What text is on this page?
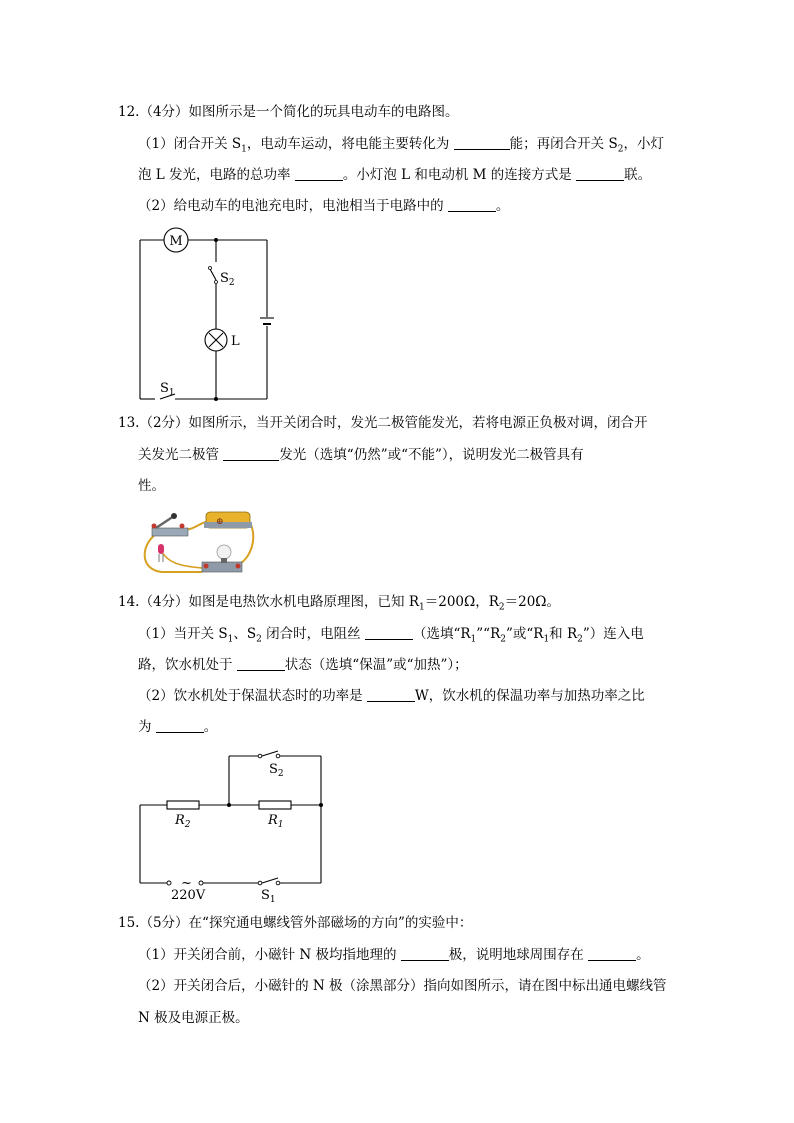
12.（4分）如图所示是一个简化的玩具电动车的电路图。
（1）闭合开关 $S_1$，电动车运动，将电能主要转化为	能；再闭合开关 $S_2$，小灯
泡 L 发光，电路的总功率	。小灯泡 L 和电动机 M 的连接方式是	联。
（2）给电动车的电池充电时，电池相当于电路中的	。
M
$S_2$
L
$S_1$
13.（2分）如图所示，当开关闭合时，发光二极管能发光，若将电源正负极对调，闭合开
关发光二极管	发光（选填“仍然”或“不能”），说明发光二极管具有
性。
⊕
14.（4分）如图是电热饮水机电路原理图，已知 $R_1=200\Omega$，$R_2=20\Omega$。
（1）当开关 $S_1$、$S_2$ 闭合时，电阻丝	（选填“$R_1”“R_2$”或“$R_1$和 $R_2$”）连入电
路，饮水机处于	状态（选填“保温”或“加热”）；
（2）饮水机处于保温状态时的功率是	W，饮水机的保温功率与加热功率之比
为	。
$S_2$
$R_2$	$R_1$
~
220V	$S_1$
15.（5分）在“探究通电螺线管外部磁场的方向”的实验中：
（1）开关闭合前，小磁针 N 极均指地理的	极，说明地球周围存在	。
（2）开关闭合后，小磁针的 N 极（涂黑部分）指向如图所示，请在图中标出通电螺线管
N 极及电源正极。
